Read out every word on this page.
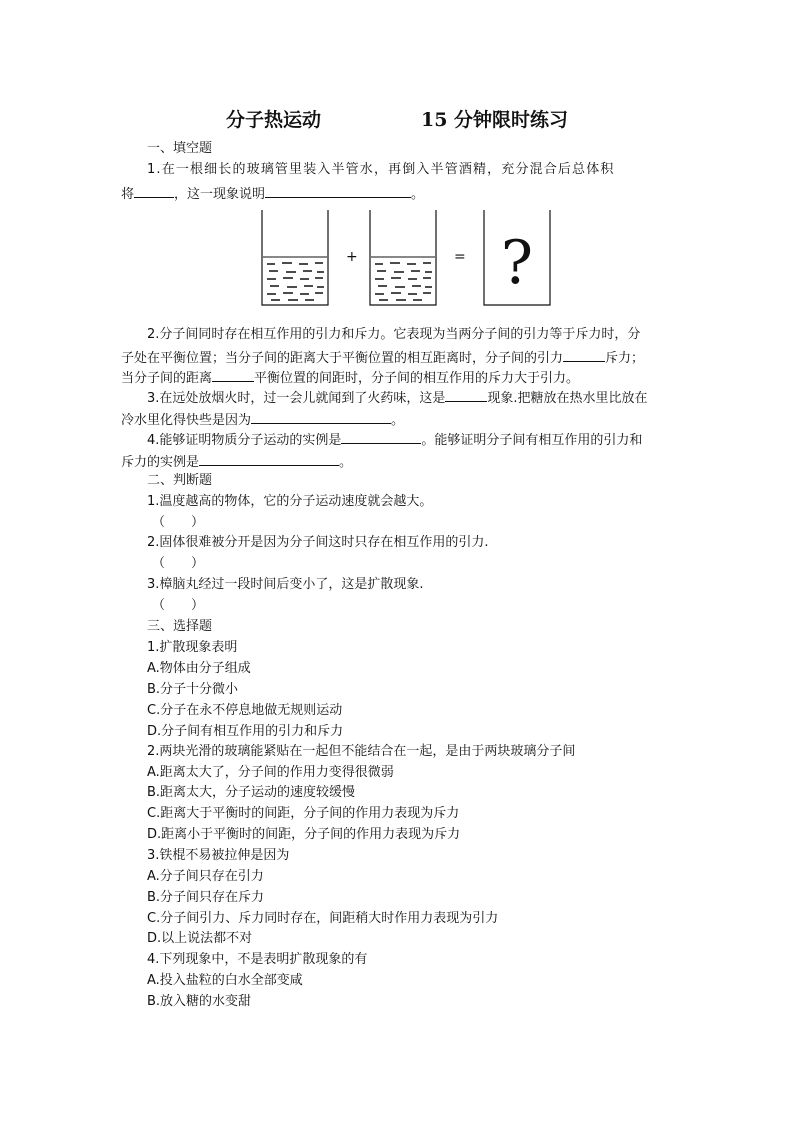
分子热运动	15 分钟限时练习
一、填空题
1.在一根细长的玻璃管里装入半管水，再倒入半管酒精，充分混合后总体积
将	，这一现象说明	。
+	= ?
2.分子间同时存在相互作用的引力和斥力。它表现为当两分子间的引力等于斥力时，分
子处在平衡位置；当分子间的距离大于平衡位置的相互距离时，分子间的引力	斥力；
当分子间的距离	平衡位置的间距时，分子间的相互作用的斥力大于引力。
3.在远处放烟火时，过一会儿就闻到了火药味，这是	现象.把糖放在热水里比放在
冷水里化得快些是因为	。
4.能够证明物质分子运动的实例是	。能够证明分子间有相互作用的引力和
斥力的实例是	。
二、判断题
1.温度越高的物体，它的分子运动速度就会越大。
（　　）
2.固体很难被分开是因为分子间这时只存在相互作用的引力.
（　　）
3.樟脑丸经过一段时间后变小了，这是扩散现象.
（　　）
三、选择题
1.扩散现象表明
A.物体由分子组成
B.分子十分微小
C.分子在永不停息地做无规则运动
D.分子间有相互作用的引力和斥力
2.两块光滑的玻璃能紧贴在一起但不能结合在一起，是由于两块玻璃分子间
A.距离太大了，分子间的作用力变得很微弱
B.距离太大，分子运动的速度较缓慢
C.距离大于平衡时的间距，分子间的作用力表现为斥力
D.距离小于平衡时的间距，分子间的作用力表现为斥力
3.铁棍不易被拉伸是因为
A.分子间只存在引力
B.分子间只存在斥力
C.分子间引力、斥力同时存在，间距稍大时作用力表现为引力
D.以上说法都不对
4.下列现象中，不是表明扩散现象的有
A.投入盐粒的白水全部变咸
B.放入糖的水变甜
